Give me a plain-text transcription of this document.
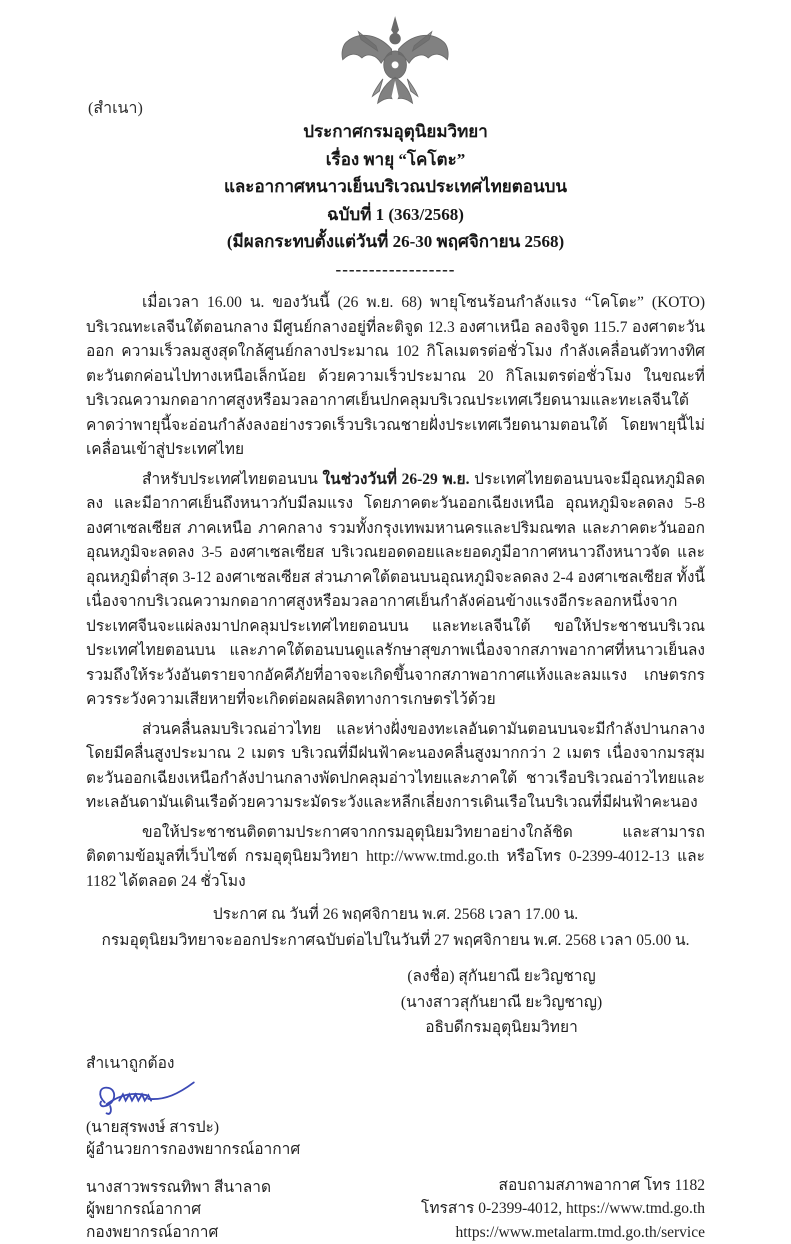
(สำเนา)
ประกาศกรมอุตุนิยมวิทยา
เรื่อง พายุ “โคโตะ”
และอากาศหนาวเย็นบริเวณประเทศไทยตอนบน
ฉบับที่ 1 (363/2568)
(มีผลกระทบตั้งแต่วันที่ 26-30 พฤศจิกายน 2568)
------------------

เมื่อเวลา 16.00 น. ของวันนี้ (26 พ.ย. 68) พายุโซนร้อนกำลังแรง “โคโตะ” (KOTO) บริเวณทะเลจีนใต้ตอนกลาง มีศูนย์กลางอยู่ที่ละติจูด 12.3 องศาเหนือ ลองจิจูด 115.7 องศาตะวันออก ความเร็วลมสูงสุดใกล้ศูนย์กลางประมาณ 102 กิโลเมตรต่อชั่วโมง กำลังเคลื่อนตัวทางทิศตะวันตกค่อนไปทางเหนือเล็กน้อย ด้วยความเร็วประมาณ 20 กิโลเมตรต่อชั่วโมง ในขณะที่บริเวณความกดอากาศสูงหรือมวลอากาศเย็นปกคลุมบริเวณประเทศเวียดนามและทะเลจีนใต้ คาดว่าพายุนี้จะอ่อนกำลังลงอย่างรวดเร็วบริเวณชายฝั่งประเทศเวียดนามตอนใต้ โดยพายุนี้ไม่เคลื่อนเข้าสู่ประเทศไทย

สำหรับประเทศไทยตอนบน ในช่วงวันที่ 26-29 พ.ย. ประเทศไทยตอนบนจะมีอุณหภูมิลดลง และมีอากาศเย็นถึงหนาวกับมีลมแรง โดยภาคตะวันออกเฉียงเหนือ อุณหภูมิจะลดลง 5-8 องศาเซลเซียส ภาคเหนือ ภาคกลาง รวมทั้งกรุงเทพมหานครและปริมณฑล และภาคตะวันออก อุณหภูมิจะลดลง 3-5 องศาเซลเซียส บริเวณยอดดอยและยอดภูมีอากาศหนาวถึงหนาวจัด และอุณหภูมิต่ำสุด 3-12 องศาเซลเซียส ส่วนภาคใต้ตอนบนอุณหภูมิจะลดลง 2-4 องศาเซลเซียส ทั้งนี้เนื่องจากบริเวณความกดอากาศสูงหรือมวลอากาศเย็นกำลังค่อนข้างแรงอีกระลอกหนึ่งจากประเทศจีนจะแผ่ลงมาปกคลุมประเทศไทยตอนบน และทะเลจีนใต้ ขอให้ประชาชนบริเวณประเทศไทยตอนบน และภาคใต้ตอนบนดูแลรักษาสุขภาพเนื่องจากสภาพอากาศที่หนาวเย็นลง รวมถึงให้ระวังอันตรายจากอัคคีภัยที่อาจจะเกิดขึ้นจากสภาพอากาศแห้งและลมแรง เกษตรกรควรระวังความเสียหายที่จะเกิดต่อผลผลิตทางการเกษตรไว้ด้วย

ส่วนคลื่นลมบริเวณอ่าวไทย และห่างฝั่งของทะเลอันดามันตอนบนจะมีกำลังปานกลาง โดยมีคลื่นสูงประมาณ 2 เมตร บริเวณที่มีฝนฟ้าคะนองคลื่นสูงมากกว่า 2 เมตร เนื่องจากมรสุมตะวันออกเฉียงเหนือกำลังปานกลางพัดปกคลุมอ่าวไทยและภาคใต้ ชาวเรือบริเวณอ่าวไทยและทะเลอันดามันเดินเรือด้วยความระมัดระวังและหลีกเลี่ยงการเดินเรือในบริเวณที่มีฝนฟ้าคะนอง

ขอให้ประชาชนติดตามประกาศจากกรมอุตุนิยมวิทยาอย่างใกล้ชิด และสามารถติดตามข้อมูลที่เว็บไซต์ กรมอุตุนิยมวิทยา http://www.tmd.go.th หรือโทร 0-2399-4012-13 และ 1182 ได้ตลอด 24 ชั่วโมง

ประกาศ ณ วันที่ 26 พฤศจิกายน พ.ศ. 2568 เวลา 17.00 น.
กรมอุตุนิยมวิทยาจะออกประกาศฉบับต่อไปในวันที่ 27 พฤศจิกายน พ.ศ. 2568 เวลา 05.00 น.
(ลงชื่อ) สุกันยาณี ยะวิญชาญ
(นางสาวสุกันยาณี ยะวิญชาญ)
อธิบดีกรมอุตุนิยมวิทยา
สำเนาถูกต้อง
(นายสุรพงษ์ สารปะ)
ผู้อำนวยการกองพยากรณ์อากาศ
นางสาวพรรณทิพา สีนาลาด
ผู้พยากรณ์อากาศ
กองพยากรณ์อากาศ
สอบถามสภาพอากาศ โทร 1182
โทรสาร 0-2399-4012, https://www.tmd.go.th
https://www.metalarm.tmd.go.th/service
